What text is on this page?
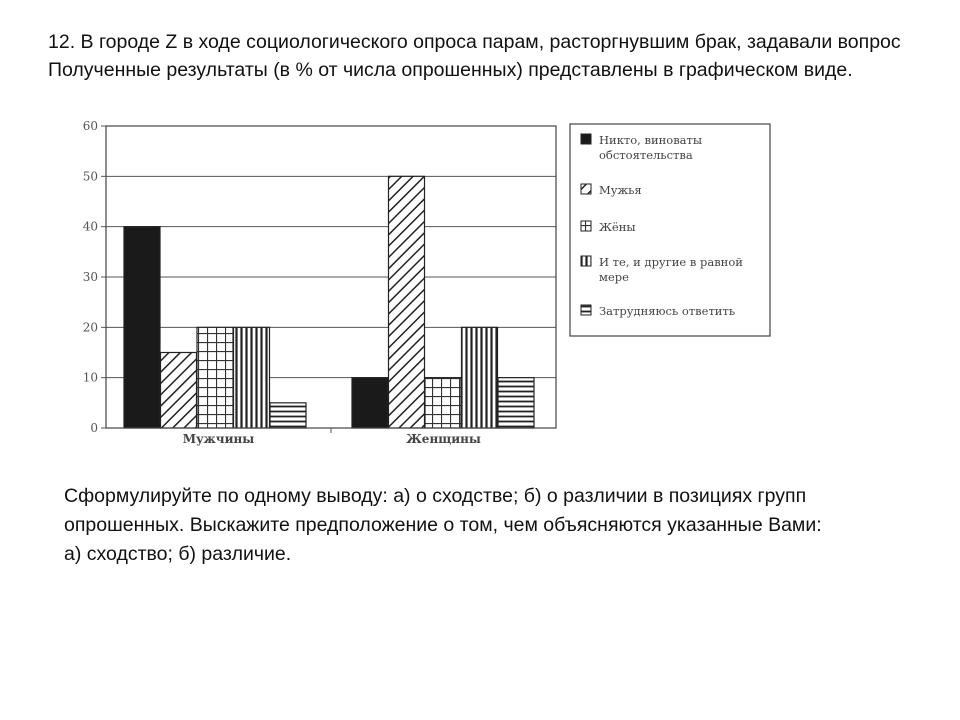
12. В городе Z в ходе социологического опроса парам, расторгнувшим брак, задавали вопрос
Полученные результаты (в % от числа опрошенных) представлены в графическом виде.
0
10
20
30
40
50
60
Мужчины	Женщины
Никто, виноваты
обстоятельства
Мужья
Жёны
И те, и другие в равной
мере
Затрудняюсь ответить
Сформулируйте по одному выводу: а) о сходстве; б) о различии в позициях групп
опрошенных. Выскажите предположение о том, чем объясняются указанные Вами:
а) сходство; б) различие.
